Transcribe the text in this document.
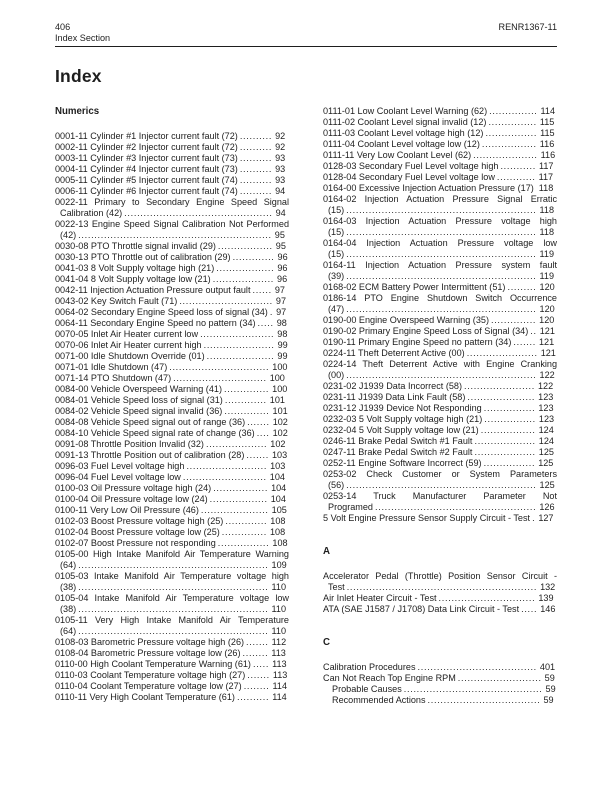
406
Index Section
RENR1367-11
Index
Numerics
0001-11 Cylinder #1 Injector current fault (72) .......... 92
0002-11 Cylinder #2 Injector current fault (72) .......... 92
0003-11 Cylinder #3 Injector current fault (73) .......... 93
0004-11 Cylinder #4 Injector current fault (73) .......... 93
0005-11 Cylinder #5 Injector current fault (74) .......... 93
0006-11 Cylinder #6 Injector current fault (74) .......... 94
0022-11 Primary to Secondary Engine Speed Signal Calibration (42) .............................................. 94
0022-13 Engine Speed Signal Calibration Not Performed (42) ............................................................ 95
0030-08 PTO Throttle signal invalid (29) ................. 95
0030-13 PTO Throttle out of calibration (29) ............. 96
0041-03 8 Volt Supply voltage high (21) .................. 96
0041-04 8 Volt Supply voltage low (21) ................... 96
0042-11 Injection Actuation Pressure output fault ...... 97
0043-02 Key Switch Fault (71) ............................. 97
0064-02 Secondary Engine Speed loss of signal (34) . 97
0064-11 Secondary Engine Speed no pattern (34) ..... 98
0070-05 Inlet Air Heater current low ....................... 98
0070-06 Inlet Air Heater current high ...................... 99
0071-00 Idle Shutdown Override (01) ..................... 99
0071-01 Idle Shutdown (47) ............................... 100
0071-14 PTO Shutdown (47) ............................. 100
0084-00 Vehicle Overspeed Warning (41) .............. 100
0084-01 Vehicle Speed loss of signal (31) ............. 101
0084-02 Vehicle Speed signal invalid (36) .............. 101
0084-08 Vehicle Speed signal out of range (36) ....... 102
0084-10 Vehicle Speed signal rate of change (36) .... 102
0091-08 Throttle Position Invalid (32) ................... 102
0091-13 Throttle Position out of calibration (28) ....... 103
0096-03 Fuel Level voltage high ......................... 103
0096-04 Fuel Level voltage low .......................... 104
0100-03 Oil Pressure voltage high (24) ................. 104
0100-04 Oil Pressure voltage low (24) .................. 104
0100-11 Very Low Oil Pressure (46) ..................... 105
0102-03 Boost Pressure voltage high (25) ............. 108
0102-04 Boost Pressure voltage low (25) .............. 108
0102-07 Boost Pressure not responding ................ 108
0105-00 High Intake Manifold Air Temperature Warning (64) ........................................................... 109
0105-03 Intake Manifold Air Temperature voltage high (38) ........................................................... 110
0105-04 Intake Manifold Air Temperature voltage low (38) ........................................................... 110
0105-11 Very High Intake Manifold Air Temperature (64) ........................................................... 110
0108-03 Barometric Pressure voltage high (26) ....... 112
0108-04 Barometric Pressure voltage low (26) ........ 113
0110-00 High Coolant Temperature Warning (61) ..... 113
0110-03 Coolant Temperature voltage high (27) ....... 113
0110-04 Coolant Temperature voltage low (27) ........ 114
0110-11 Very High Coolant Temperature (61) .......... 114
0111-01 Low Coolant Level Warning (62) ............... 114
0111-02 Coolant Level signal invalid (12) ............... 115
0111-03 Coolant Level voltage high (12) ................ 115
0111-04 Coolant Level voltage low (12) ................. 116
0111-11 Very Low Coolant Level (62) .................... 116
0128-03 Secondary Fuel Level voltage high ........... 117
0128-04 Secondary Fuel Level voltage low ............ 117
0164-00 Excessive Injection Actuation Pressure (17) 118
0164-02 Injection Actuation Pressure Signal Erratic (15) ........................................................... 118
0164-03 Injection Actuation Pressure voltage high (15) ........................................................... 118
0164-04 Injection Actuation Pressure voltage low (15) ........................................................... 119
0164-11 Injection Actuation Pressure system fault (39) ........................................................... 119
0168-02 ECM Battery Power Intermittent (51) ......... 120
0186-14 PTO Engine Shutdown Switch Occurrence (47) ........................................................... 120
0190-00 Engine Overspeed Warning (35) .............. 120
0190-02 Primary Engine Speed Loss of Signal (34) .. 121
0190-11 Primary Engine Speed no pattern (34) ....... 121
0224-11 Theft Deterrent Active (00) ...................... 121
0224-14 Theft Deterrent Active with Engine Cranking (00) ........................................................... 122
0231-02 J1939 Data Incorrect (58) ...................... 122
0231-11 J1939 Data Link Fault (58) ..................... 123
0231-12 J1939 Device Not Responding ................ 123
0232-03 5 Volt Supply voltage high (21) ................ 123
0232-04 5 Volt Supply voltage low (21) ................. 124
0246-11 Brake Pedal Switch #1 Fault ................... 124
0247-11 Brake Pedal Switch #2 Fault ................... 125
0252-11 Engine Software Incorrect (59) ................ 125
0253-02 Check Customer or System Parameters (56) ........................................................... 125
0253-14 Truck Manufacturer Parameter Not Programed .................................................. 126
5 Volt Engine Pressure Sensor Supply Circuit - Test . 127
A
Accelerator Pedal (Throttle) Position Sensor Circuit - Test ........................................................... 132
Air Inlet Heater Circuit - Test .............................. 139
ATA (SAE J1587 / J1708) Data Link Circuit - Test ..... 146
C
Calibration Procedures ..................................... 401
Can Not Reach Top Engine RPM .......................... 59
Probable Causes ........................................... 59
Recommended Actions ................................... 59
